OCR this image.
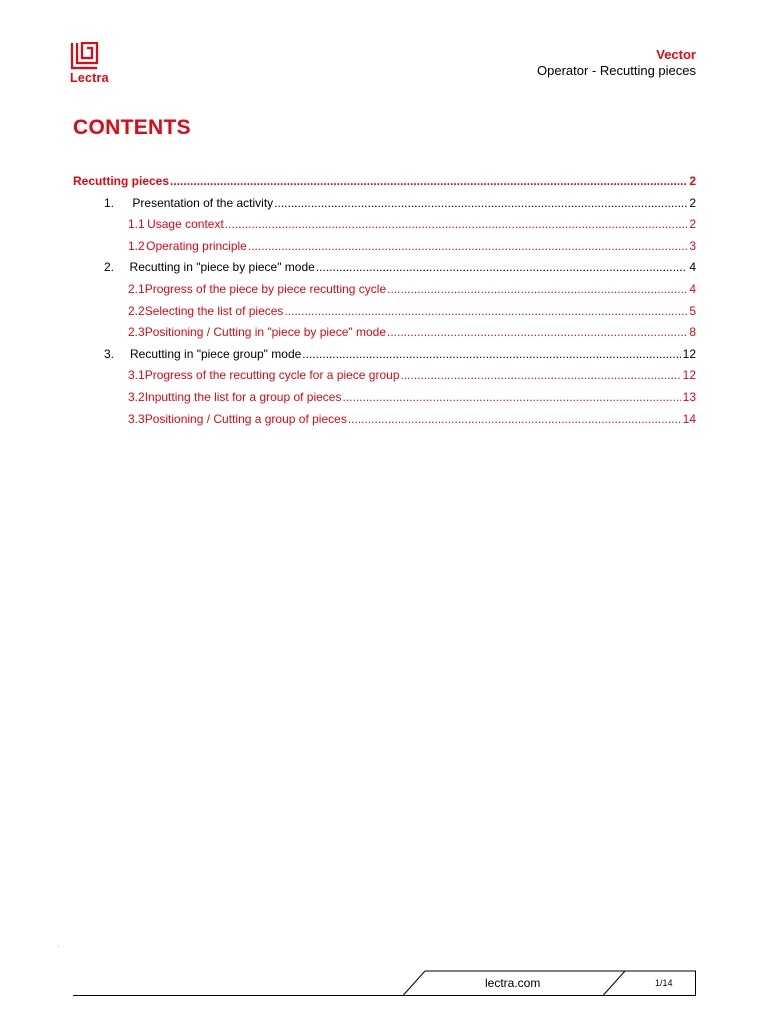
Lectra
Vector
Operator - Recutting pieces
CONTENTS
Recutting pieces .....	2
1.	Presentation of the activity .....	2
1.1 Usage context .....	2
1.2 Operating principle .....	3
2.	Recutting in "piece by piece" mode .....	4
2.1 Progress of the piece by piece recutting cycle .....	4
2.2 Selecting the list of pieces .....	5
2.3 Positioning / Cutting in "piece by piece" mode .....	8
3.	Recutting in "piece group" mode .....	12
3.1 Progress of the recutting cycle for a piece group .....	12
3.2 Inputting the list for a group of pieces .....	13
3.3 Positioning / Cutting a group of pieces .....	14
lectra.com	1/14
